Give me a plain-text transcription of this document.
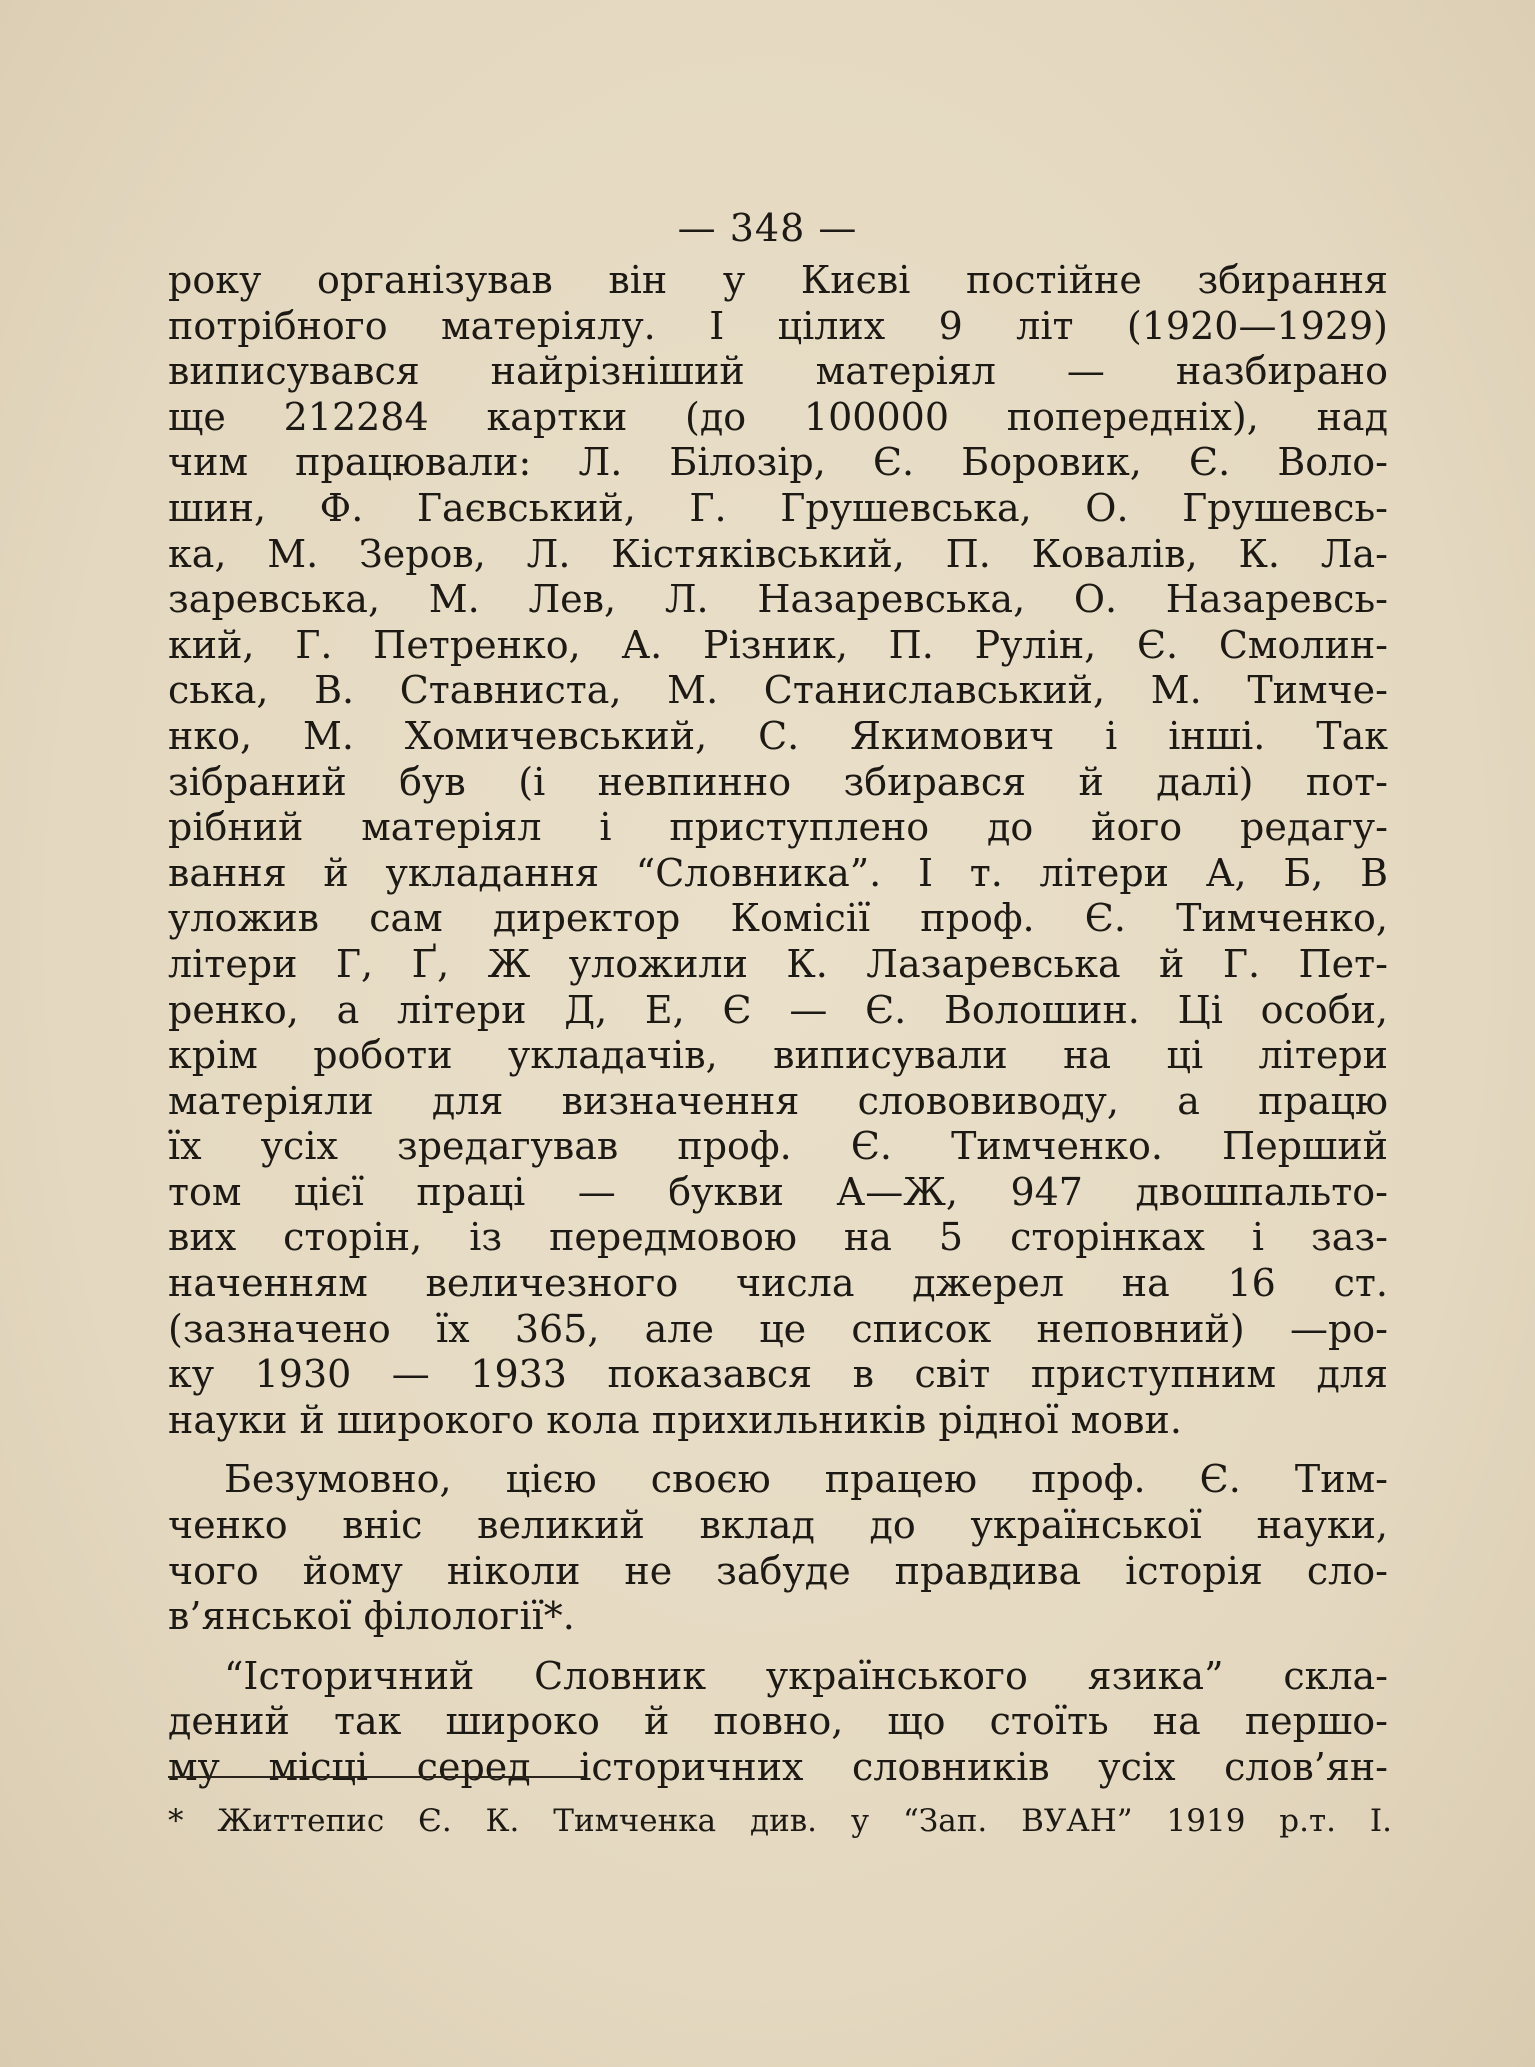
— 348 —

року організував він у Києві постійне збирання
потрібного матеріялу. І цілих 9 літ (1920—1929)
виписувався найрізніший матеріял — назбирано
ще 212284 картки (до 100000 попередніх), над
чим працювали: Л. Білозір, Є. Боровик, Є. Воло-
шин, Ф. Гаєвський, Г. Грушевська, О. Грушевсь-
ка, М. Зеров, Л. Кістяківський, П. Ковалів, К. Ла-
заревська, М. Лев, Л. Назаревська, О. Назаревсь-
кий, Г. Петренко, А. Різник, П. Рулін, Є. Смолин-
ська, В. Ставниста, М. Станиславський, М. Тимче-
нко, М. Хомичевський, С. Якимович і інші. Так
зібраний був (і невпинно збирався й далі) пот-
рібний матеріял і приступлено до його редагу-
вання й укладання “Словника”. І т. літери А, Б, В
уложив сам директор Комісії проф. Є. Тимченко,
літери Г, Ґ, Ж уложили К. Лазаревська й Г. Пет-
ренко, а літери Д, Е, Є — Є. Волошин. Ці особи,
крім роботи укладачів, виписували на ці літери
матеріяли для визначення слововиводу, а працю
їх усіх зредагував проф. Є. Тимченко. Перший
том цієї праці — букви А—Ж, 947 двошпальто-
вих сторін, із передмовою на 5 сторінках і зaз-
наченням величезного числа джерел на 16 ст.
(зазначено їх 365, але це список неповний) —ро-
ку 1930 — 1933 показався в світ приступним для
науки й широкого кола прихильників рідної мови.
Безумовно, цією своєю працею проф. Є. Тим-
ченко вніс великий вклад до української науки,
чого йому ніколи не забуде правдива історія сло-
в’янської філології*.
“Історичний Словник українського язика” скла-
дений так широко й повно, що стоїть на першо-
му місці серед історичних словників усіх слов’ян-
* Життепис Є. К. Тимченка див. у “Зап. ВУАН” 1919 р.т. І.
